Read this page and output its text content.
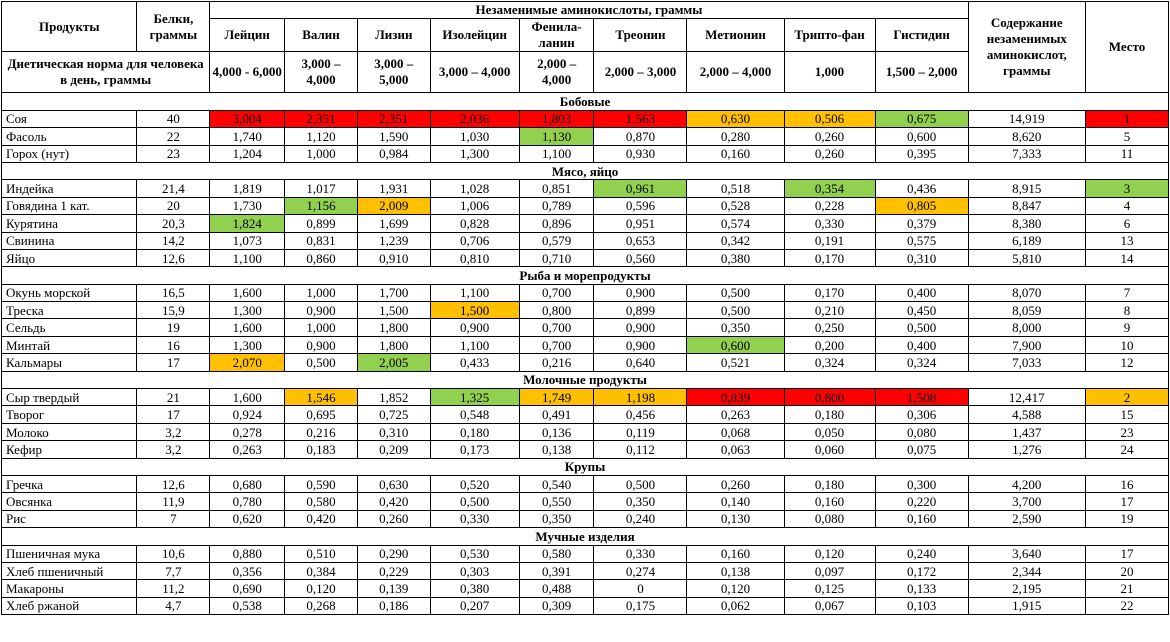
Продукты	Белки, граммы	Незаменимые аминокислоты, граммы									Содержание незаменимых аминокислот, граммы	Место
		Лейцин	Валин	Лизин	Изолейцин	Фенила-ланин	Треонин	Метионин	Трипто-фан	Гистидин		
Диетическая норма для человека в день, граммы		4,000 - 6,000	3,000 – 4,000	3,000 – 5,000	3,000 – 4,000	2,000 – 4,000	2,000 – 3,000	2,000 – 4,000	1,000	1,500 – 2,000		
Бобовые												
Соя	40	3,004	2,351	2,351	2,036	1,803	1,563	0,630	0,506	0,675	14,919	1
Фасоль	22	1,740	1,120	1,590	1,030	1,130	0,870	0,280	0,260	0,600	8,620	5
Горох (нут)	23	1,204	1,000	0,984	1,300	1,100	0,930	0,160	0,260	0,395	7,333	11
Мясо, яйцо												
Индейка	21,4	1,819	1,017	1,931	1,028	0,851	0,961	0,518	0,354	0,436	8,915	3
Говядина 1 кат.	20	1,730	1,156	2,009	1,006	0,789	0,596	0,528	0,228	0,805	8,847	4
Курятина	20,3	1,824	0,899	1,699	0,828	0,896	0,951	0,574	0,330	0,379	8,380	6
Свинина	14,2	1,073	0,831	1,239	0,706	0,579	0,653	0,342	0,191	0,575	6,189	13
Яйцо	12,6	1,100	0,860	0,910	0,810	0,710	0,560	0,380	0,170	0,310	5,810	14
Рыба и морепродукты												
Окунь морской	16,5	1,600	1,000	1,700	1,100	0,700	0,900	0,500	0,170	0,400	8,070	7
Треска	15,9	1,300	0,900	1,500	1,500	0,800	0,899	0,500	0,210	0,450	8,059	8
Сельдь	19	1,600	1,000	1,800	0,900	0,700	0,900	0,350	0,250	0,500	8,000	9
Минтай	16	1,300	0,900	1,800	1,100	0,700	0,900	0,600	0,200	0,400	7,900	10
Кальмары	17	2,070	0,500	2,005	0,433	0,216	0,640	0,521	0,324	0,324	7,033	12
Молочные продукты												
Сыр твердый	21	1,600	1,546	1,852	1,325	1,749	1,198	0,839	0,800	1,508	12,417	2
Творог	17	0,924	0,695	0,725	0,548	0,491	0,456	0,263	0,180	0,306	4,588	15
Молоко	3,2	0,278	0,216	0,310	0,180	0,136	0,119	0,068	0,050	0,080	1,437	23
Кефир	3,2	0,263	0,183	0,209	0,173	0,138	0,112	0,063	0,060	0,075	1,276	24
Крупы												
Гречка	12,6	0,680	0,590	0,630	0,520	0,540	0,500	0,260	0,180	0,300	4,200	16
Овсянка	11,9	0,780	0,580	0,420	0,500	0,550	0,350	0,140	0,160	0,220	3,700	17
Рис	7	0,620	0,420	0,260	0,330	0,350	0,240	0,130	0,080	0,160	2,590	19
Мучные изделия												
Пшеничная мука	10,6	0,880	0,510	0,290	0,530	0,580	0,330	0,160	0,120	0,240	3,640	17
Хлеб пшеничный	7,7	0,356	0,384	0,229	0,303	0,391	0,274	0,138	0,097	0,172	2,344	20
Макароны	11,2	0,690	0,120	0,139	0,380	0,488	0	0,120	0,125	0,133	2,195	21
Хлеб ржаной	4,7	0,538	0,268	0,186	0,207	0,309	0,175	0,062	0,067	0,103	1,915	22
